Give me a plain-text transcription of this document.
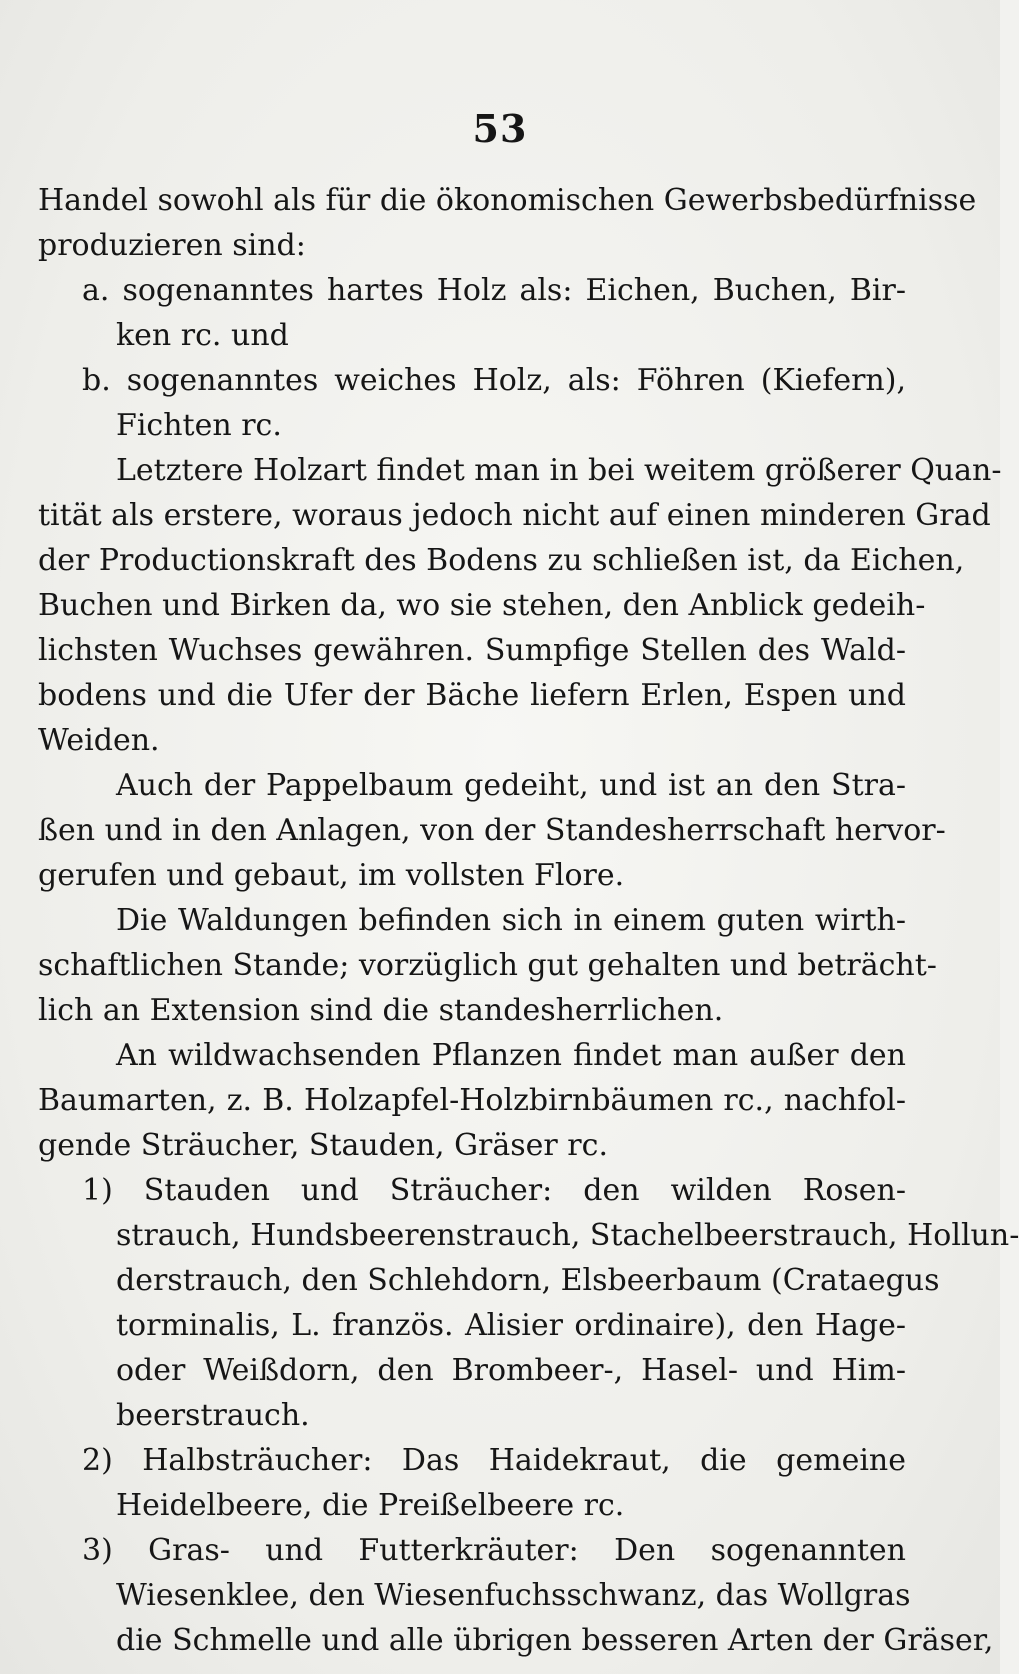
53
Handel sowohl als für die ökonomischen Gewerbsbedürfnisse
produzieren sind:
a. sogenanntes hartes Holz als: Eichen, Buchen, Bir-
ken rc. und
b. sogenanntes weiches Holz, als: Föhren (Kiefern),
Fichten rc.
Letztere Holzart findet man in bei weitem größerer Quan-
tität als erstere, woraus jedoch nicht auf einen minderen Grad
der Productionskraft des Bodens zu schließen ist, da Eichen,
Buchen und Birken da, wo sie stehen, den Anblick gedeih-
lichsten Wuchses gewähren. Sumpfige Stellen des Wald-
bodens und die Ufer der Bäche liefern Erlen, Espen und
Weiden.
Auch der Pappelbaum gedeiht, und ist an den Stra-
ßen und in den Anlagen, von der Standesherrschaft hervor-
gerufen und gebaut, im vollsten Flore.
Die Waldungen befinden sich in einem guten wirth-
schaftlichen Stande; vorzüglich gut gehalten und beträcht-
lich an Extension sind die standesherrlichen.
An wildwachsenden Pflanzen findet man außer den
Baumarten, z. B. Holzapfel-Holzbirnbäumen rc., nachfol-
gende Sträucher, Stauden, Gräser rc.
1) Stauden und Sträucher: den wilden Rosen-
strauch, Hundsbeerenstrauch, Stachelbeerstrauch, Hollun-
derstrauch, den Schlehdorn, Elsbeerbaum (Crataegus
torminalis, L. französ. Alisier ordinaire), den Hage-
oder Weißdorn, den Brombeer-, Hasel- und Him-
beerstrauch.
2) Halbsträucher: Das Haidekraut, die gemeine
Heidelbeere, die Preißelbeere rc.
3) Gras- und Futterkräuter: Den sogenannten
Wiesenklee, den Wiesenfuchsschwanz, das Wollgras
die Schmelle und alle übrigen besseren Arten der Gräser,
